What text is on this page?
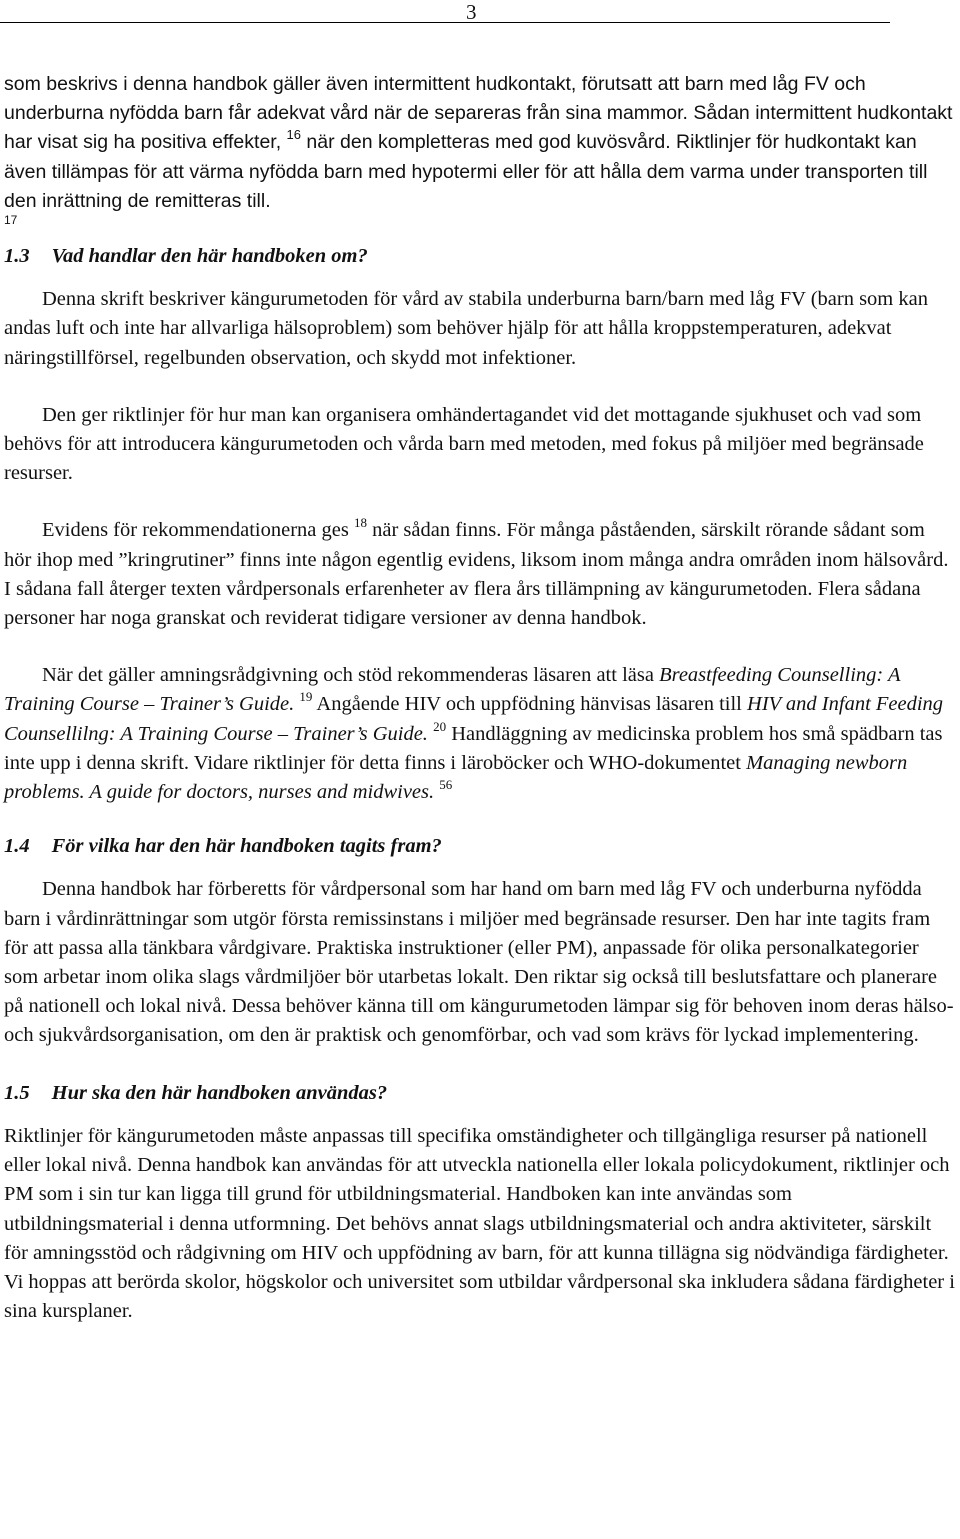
3

som beskrivs i denna handbok gäller även intermittent hudkontakt, förutsatt att barn med låg FV och underburna nyfödda barn får adekvat vård när de separeras från sina mammor. Sådan intermittent hudkontakt har visat sig ha positiva effekter, $^{16}$ när den kompletteras med god kuvösvård. Riktlinjer för hudkontakt kan även tillämpas för att värma nyfödda barn med hypotermi eller för att hålla dem varma under transporten till den inrättning de remitteras till.
17

1.3 Vad handlar den här handboken om?

Denna skrift beskriver kängurumetoden för vård av stabila underburna barn/barn med låg FV (barn som kan andas luft och inte har allvarliga hälsoproblem) som behöver hjälp för att hålla kroppstemperaturen, adekvat näringstillförsel, regelbunden observation, och skydd mot infektioner.

Den ger riktlinjer för hur man kan organisera omhändertagandet vid det mottagande sjukhuset och vad som behövs för att introducera kängurumetoden och vårda barn med metoden, med fokus på miljöer med begränsade resurser.

Evidens för rekommendationerna ges $^{18}$ när sådan finns. För många påståenden, särskilt rörande sådant som hör ihop med ”kringrutiner” finns inte någon egentlig evidens, liksom inom många andra områden inom hälsovård. I sådana fall återger texten vårdpersonals erfarenheter av flera års tillämpning av kängurumetoden. Flera sådana personer har noga granskat och reviderat tidigare versioner av denna handbok.

När det gäller amningsrådgivning och stöd rekommenderas läsaren att läsa Breastfeeding Counselling: A Training Course – Trainer’s Guide. $^{19}$ Angående HIV och uppfödning hänvisas läsaren till HIV and Infant Feeding Counsellilng: A Training Course – Trainer’s Guide. $^{20}$ Handläggning av medicinska problem hos små spädbarn tas inte upp i denna skrift. Vidare riktlinjer för detta finns i läroböcker och WHO-dokumentet Managing newborn problems. A guide for doctors, nurses and midwives. $^{56}$

1.4 För vilka har den här handboken tagits fram?

Denna handbok har förberetts för vårdpersonal som har hand om barn med låg FV och underburna nyfödda barn i vårdinrättningar som utgör första remissinstans i miljöer med begränsade resurser. Den har inte tagits fram för att passa alla tänkbara vårdgivare. Praktiska instruktioner (eller PM), anpassade för olika personalkategorier som arbetar inom olika slags vårdmiljöer bör utarbetas lokalt. Den riktar sig också till beslutsfattare och planerare på nationell och lokal nivå. Dessa behöver känna till om kängurumetoden lämpar sig för behoven inom deras hälso- och sjukvårdsorganisation, om den är praktisk och genomförbar, och vad som krävs för lyckad implementering.

1.5 Hur ska den här handboken användas?

Riktlinjer för kängurumetoden måste anpassas till specifika omständigheter och tillgängliga resurser på nationell eller lokal nivå. Denna handbok kan användas för att utveckla nationella eller lokala policydokument, riktlinjer och PM som i sin tur kan ligga till grund för utbildningsmaterial. Handboken kan inte användas som utbildningsmaterial i denna utformning. Det behövs annat slags utbildningsmaterial och andra aktiviteter, särskilt för amningsstöd och rådgivning om HIV och uppfödning av barn, för att kunna tillägna sig nödvändiga färdigheter. Vi hoppas att berörda skolor, högskolor och universitet som utbildar vårdpersonal ska inkludera sådana färdigheter i sina kursplaner.
